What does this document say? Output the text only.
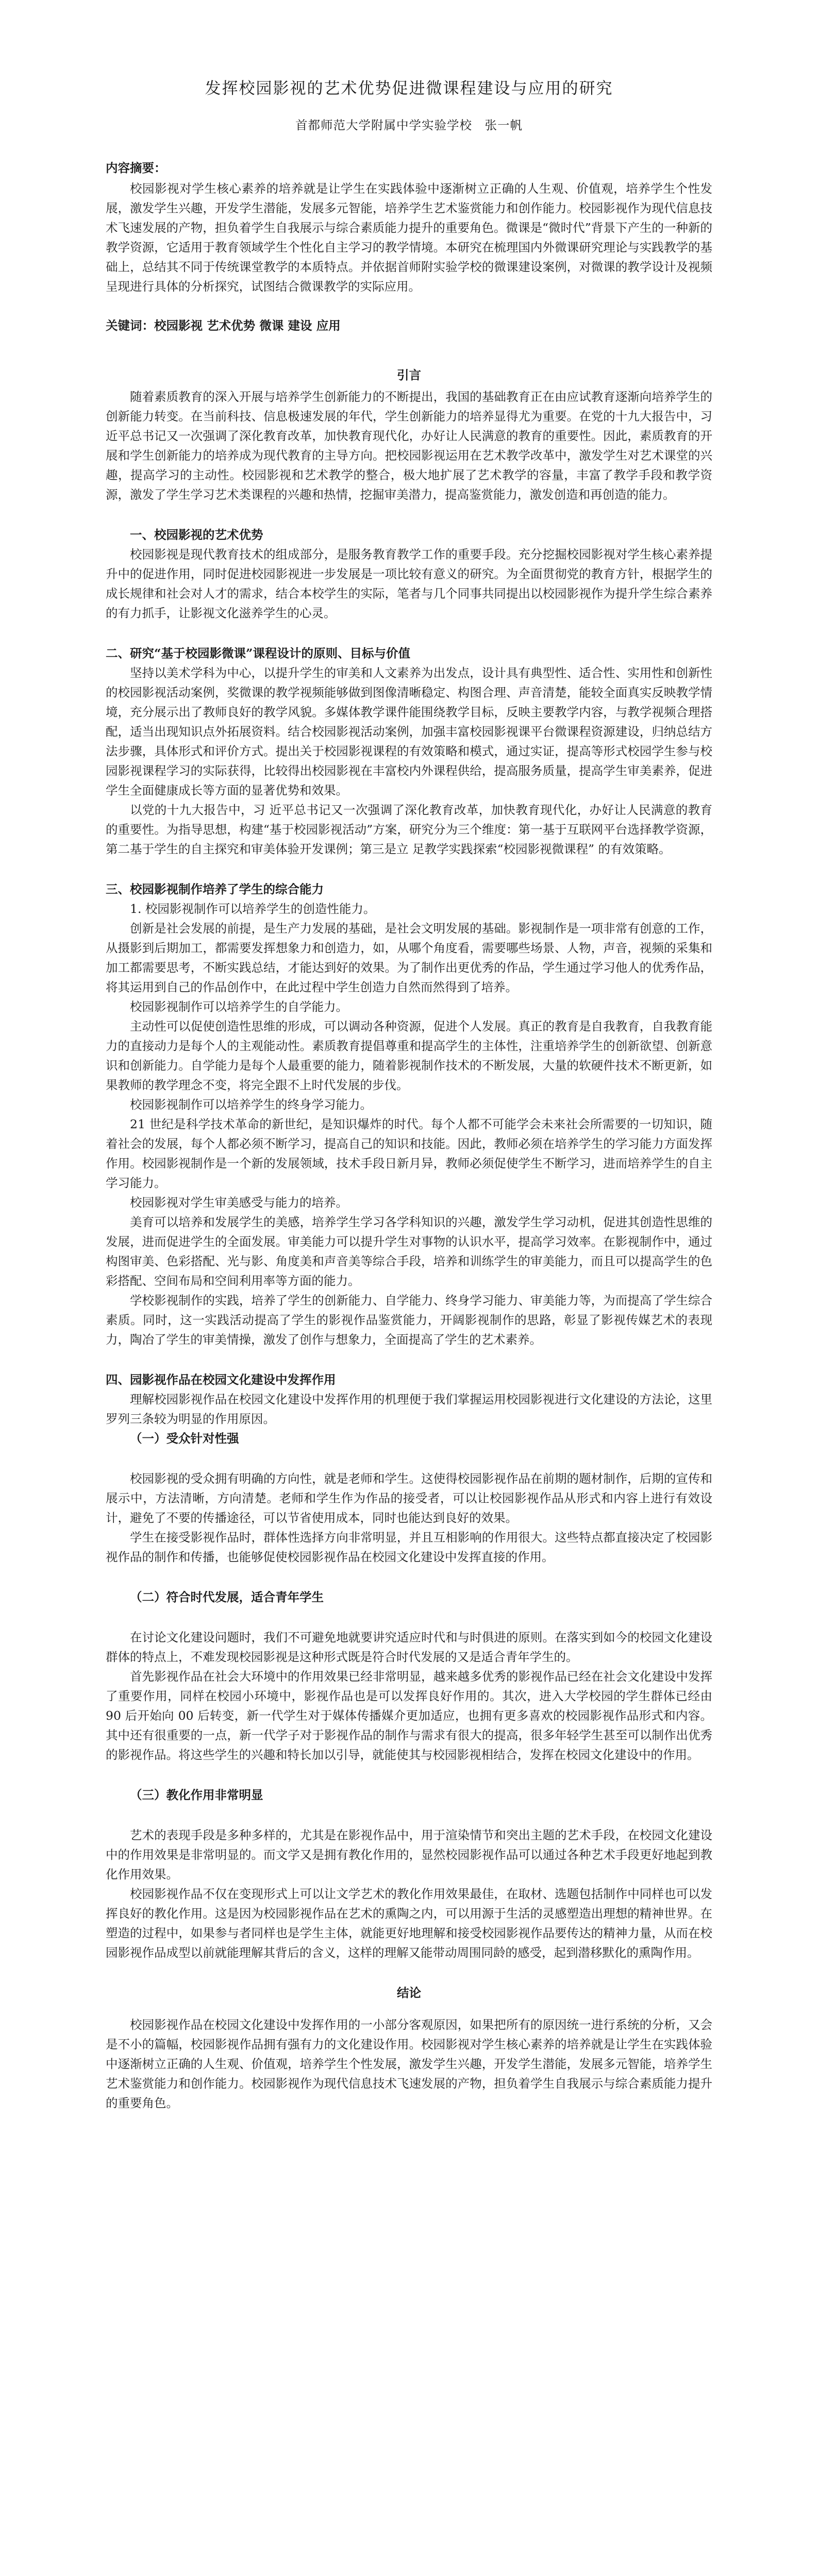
发挥校园影视的艺术优势促进微课程建设与应用的研究
首都师范大学附属中学实验学校　张一帆
内容摘要：

校园影视对学生核心素养的培养就是让学生在实践体验中逐渐树立正确的人生观、价值观，培养学生个性发展，激发学生兴趣，开发学生潜能，发展多元智能，培养学生艺术鉴赏能力和创作能力。校园影视作为现代信息技术飞速发展的产物，担负着学生自我展示与综合素质能力提升的重要角色。微课是“微时代”背景下产生的一种新的教学资源，它适用于教育领域学生个性化自主学习的教学情境。本研究在梳理国内外微课研究理论与实践教学的基础上，总结其不同于传统课堂教学的本质特点。并依据首师附实验学校的微课建设案例，对微课的教学设计及视频呈现进行具体的分析探究，试图结合微课教学的实际应用。

关键词：校园影视 艺术优势 微课 建设 应用

引言

随着素质教育的深入开展与培养学生创新能力的不断提出，我国的基础教育正在由应试教育逐渐向培养学生的创新能力转变。在当前科技、信息极速发展的年代，学生创新能力的培养显得尤为重要。在党的十九大报告中，习近平总书记又一次强调了深化教育改革，加快教育现代化，办好让人民满意的教育的重要性。因此，素质教育的开展和学生创新能力的培养成为现代教育的主导方向。把校园影视运用在艺术教学改革中，激发学生对艺术课堂的兴趣，提高学习的主动性。校园影视和艺术教学的整合，极大地扩展了艺术教学的容量，丰富了教学手段和教学资源，激发了学生学习艺术类课程的兴趣和热情，挖掘审美潜力，提高鉴赏能力，激发创造和再创造的能力。

一、校园影视的艺术优势

校园影视是现代教育技术的组成部分，是服务教育教学工作的重要手段。充分挖掘校园影视对学生核心素养提升中的促进作用，同时促进校园影视进一步发展是一项比较有意义的研究。为全面贯彻党的教育方针，根据学生的成长规律和社会对人才的需求，结合本校学生的实际，笔者与几个同事共同提出以校园影视作为提升学生综合素养的有力抓手，让影视文化滋养学生的心灵。

二、研究“基于校园影微课”课程设计的原则、目标与价值

坚持以美术学科为中心，以提升学生的审美和人文素养为出发点，设计具有典型性、适合性、实用性和创新性的校园影视活动案例，奖微课的教学视频能够做到图像清晰稳定、构图合理、声音清楚，能较全面真实反映教学情境，充分展示出了教师良好的教学风貌。多媒体教学课件能围绕教学目标，反映主要教学内容，与教学视频合理搭配，适当出现知识点外拓展资料。结合校园影视活动案例，加强丰富校园影视课平台微课程资源建设，归纳总结方法步骤，具体形式和评价方式。提出关于校园影视课程的有效策略和模式，通过实证，提高等形式校园学生参与校园影视课程学习的实际获得，比较得出校园影视在丰富校内外课程供给，提高服务质量，提高学生审美素养，促进学生全面健康成长等方面的显著优势和效果。

以党的十九大报告中，习 近平总书记又一次强调了深化教育改革，加快教育现代化，办好让人民满意的教育的重要性。为指导思想，构建“基于校园影视活动”方案，研究分为三个维度：第一基于互联网平台选择教学资源，第二基于学生的自主探究和审美体验开发课例；第三是立 足教学实践探索“校园影视微课程” 的有效策略。

三、校园影视制作培养了学生的综合能力

1. 校园影视制作可以培养学生的创造性能力。

创新是社会发展的前提，是生产力发展的基础，是社会文明发展的基础。影视制作是一项非常有创意的工作，从摄影到后期加工，都需要发挥想象力和创造力，如，从哪个角度看，需要哪些场景、人物，声音，视频的采集和加工都需要思考，不断实践总结，才能达到好的效果。为了制作出更优秀的作品，学生通过学习他人的优秀作品，将其运用到自己的作品创作中，在此过程中学生创造力自然而然得到了培养。

校园影视制作可以培养学生的自学能力。

主动性可以促使创造性思维的形成，可以调动各种资源，促进个人发展。真正的教育是自我教育，自我教育能力的直接动力是每个人的主观能动性。素质教育提倡尊重和提高学生的主体性，注重培养学生的创新欲望、创新意识和创新能力。自学能力是每个人最重要的能力，随着影视制作技术的不断发展，大量的软硬件技术不断更新，如果教师的教学理念不变，将完全跟不上时代发展的步伐。

校园影视制作可以培养学生的终身学习能力。

21 世纪是科学技术革命的新世纪，是知识爆炸的时代。每个人都不可能学会未来社会所需要的一切知识，随着社会的发展，每个人都必须不断学习，提高自己的知识和技能。因此，教师必须在培养学生的学习能力方面发挥作用。校园影视制作是一个新的发展领域，技术手段日新月异，教师必须促使学生不断学习，进而培养学生的自主学习能力。

校园影视对学生审美感受与能力的培养。

美育可以培养和发展学生的美感，培养学生学习各学科知识的兴趣，激发学生学习动机，促进其创造性思维的发展，进而促进学生的全面发展。审美能力可以提升学生对事物的认识水平，提高学习效率。在影视制作中，通过构图审美、色彩搭配、光与影、角度美和声音美等综合手段，培养和训练学生的审美能力，而且可以提高学生的色彩搭配、空间布局和空间利用率等方面的能力。

学校影视制作的实践，培养了学生的创新能力、自学能力、终身学习能力、审美能力等，为而提高了学生综合素质。同时，这一实践活动提高了学生的影视作品鉴赏能力，开阔影视制作的思路，彰显了影视传媒艺术的表现力，陶冶了学生的审美情操，激发了创作与想象力，全面提高了学生的艺术素养。

四、园影视作品在校园文化建设中发挥作用

理解校园影视作品在校园文化建设中发挥作用的机理便于我们掌握运用校园影视进行文化建设的方法论，这里罗列三条较为明显的作用原因。

（一）受众针对性强

校园影视的受众拥有明确的方向性，就是老师和学生。这使得校园影视作品在前期的题材制作，后期的宣传和展示中，方法清晰，方向清楚。老师和学生作为作品的接受者，可以让校园影视作品从形式和内容上进行有效设计，避免了不要的传播途径，可以节省使用成本，同时也能达到良好的效果。

学生在接受影视作品时，群体性选择方向非常明显，并且互相影响的作用很大。这些特点都直接决定了校园影视作品的制作和传播，也能够促使校园影视作品在校园文化建设中发挥直接的作用。

（二）符合时代发展，适合青年学生

在讨论文化建设问题时，我们不可避免地就要讲究适应时代和与时俱进的原则。在落实到如今的校园文化建设群体的特点上，不难发现校园影视是这种形式既是符合时代发展的又是适合青年学生的。

首先影视作品在社会大环境中的作用效果已经非常明显，越来越多优秀的影视作品已经在社会文化建设中发挥了重要作用，同样在校园小环境中，影视作品也是可以发挥良好作用的。其次，进入大学校园的学生群体已经由 90 后开始向 00 后转变，新一代学生对于媒体传播媒介更加适应，也拥有更多喜欢的校园影视作品形式和内容。其中还有很重要的一点，新一代学子对于影视作品的制作与需求有很大的提高，很多年轻学生甚至可以制作出优秀的影视作品。将这些学生的兴趣和特长加以引导，就能使其与校园影视相结合，发挥在校园文化建设中的作用。

（三）教化作用非常明显

艺术的表现手段是多种多样的，尤其是在影视作品中，用于渲染情节和突出主题的艺术手段，在校园文化建设中的作用效果是非常明显的。而文学又是拥有教化作用的，显然校园影视作品可以通过各种艺术手段更好地起到教化作用效果。

校园影视作品不仅在变现形式上可以让文学艺术的教化作用效果最佳，在取材、选题包括制作中同样也可以发挥良好的教化作用。这是因为校园影视作品在艺术的熏陶之内，可以用源于生活的灵感塑造出理想的精神世界。在塑造的过程中，如果参与者同样也是学生主体，就能更好地理解和接受校园影视作品要传达的精神力量，从而在校园影视作品成型以前就能理解其背后的含义，这样的理解又能带动周围同龄的感受，起到潜移默化的熏陶作用。

结论

校园影视作品在校园文化建设中发挥作用的一小部分客观原因，如果把所有的原因统一进行系统的分析，又会是不小的篇幅，校园影视作品拥有强有力的文化建设作用。校园影视对学生核心素养的培养就是让学生在实践体验中逐渐树立正确的人生观、价值观，培养学生个性发展，激发学生兴趣，开发学生潜能，发展多元智能，培养学生艺术鉴赏能力和创作能力。校园影视作为现代信息技术飞速发展的产物，担负着学生自我展示与综合素质能力提升的重要角色。
